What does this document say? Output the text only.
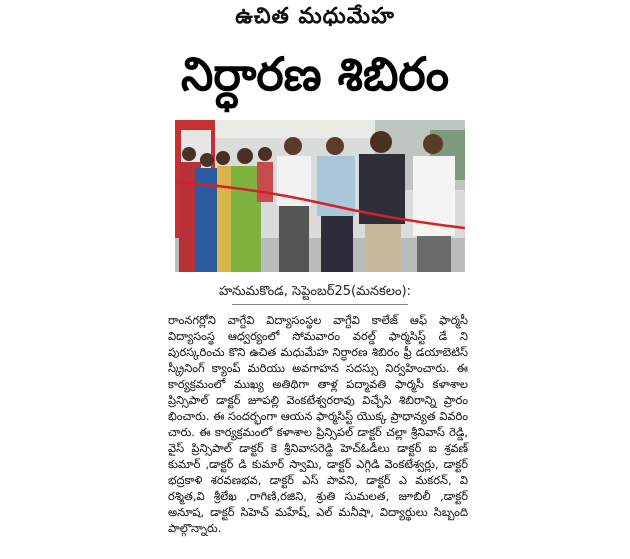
ఉచిత మధుమేహ
నిర్ధారణ శిబిరం
హనుమకొండ, సెప్టెంబర్25(మనకలం):

రాంనగర్లోని వాగ్దేవి విద్యాసంస్థల వాగ్దేవి కాలేజ్ ఆఫ్ ఫార్మసీ విద్యాసంస్థ ఆధ్వర్యంలో సోమవారం వరల్డ్ ఫార్మసిస్ట్ డే ని పురస్కరించు కొని ఉచిత మధుమేహ నిర్ధారణ శిబిరం ఫ్రీ డయాబెటిస్ స్క్రీనింగ్ క్యాంప్ మరియు అవగాహన సదస్సు నిర్వహించారు. ఈ కార్యక్రమంలో ముఖ్య అతిథిగా తాళ్ల పద్మావతి ఫార్మసీ కళాశాల ప్రిన్సిపాల్ డాక్టర్ జూపల్లి వెంకటేశ్వరరావు విచ్చేసి శిబిరాన్ని ప్రారం భించారు. ఈ సందర్భంగా ఆయన ఫార్మసిస్ట్ యొక్క ప్రాధాన్యత వివరిం చారు. ఈ కార్యక్రమంలో కళాశాల ప్రిన్సిపల్ డాక్టర్ చల్లా శ్రీనివాస్ రెడ్డి, వైస్ ప్రిన్సిపాల్ డాక్టర్ కె శ్రీనివాసరెడ్డి హెచ్ఓడీలు డాక్టర్ ఐ శ్రవణ్ కుమార్ ,డాక్టర్ డి కుమార్ స్వామి, డాక్టర్ ఎగ్గిడి వెంకటేశ్వర్లు, డాక్టర్ భద్రకాళి శరవణభవ, డాక్టర్ ఎస్ పావని, డాక్టర్ ఎ మకరన్, వి రశ్మిత,వి శ్రీలేఖ ,రాగిణి,రజిని, శ్రుతి సుమలత, జూబిలీ ,డాక్టర్ అనూష, డాక్టర్ సిహెచ్ మహేష్, ఎల్ మనీషా, విద్యార్థులు సిబ్బంది పాల్గొన్నారు.
